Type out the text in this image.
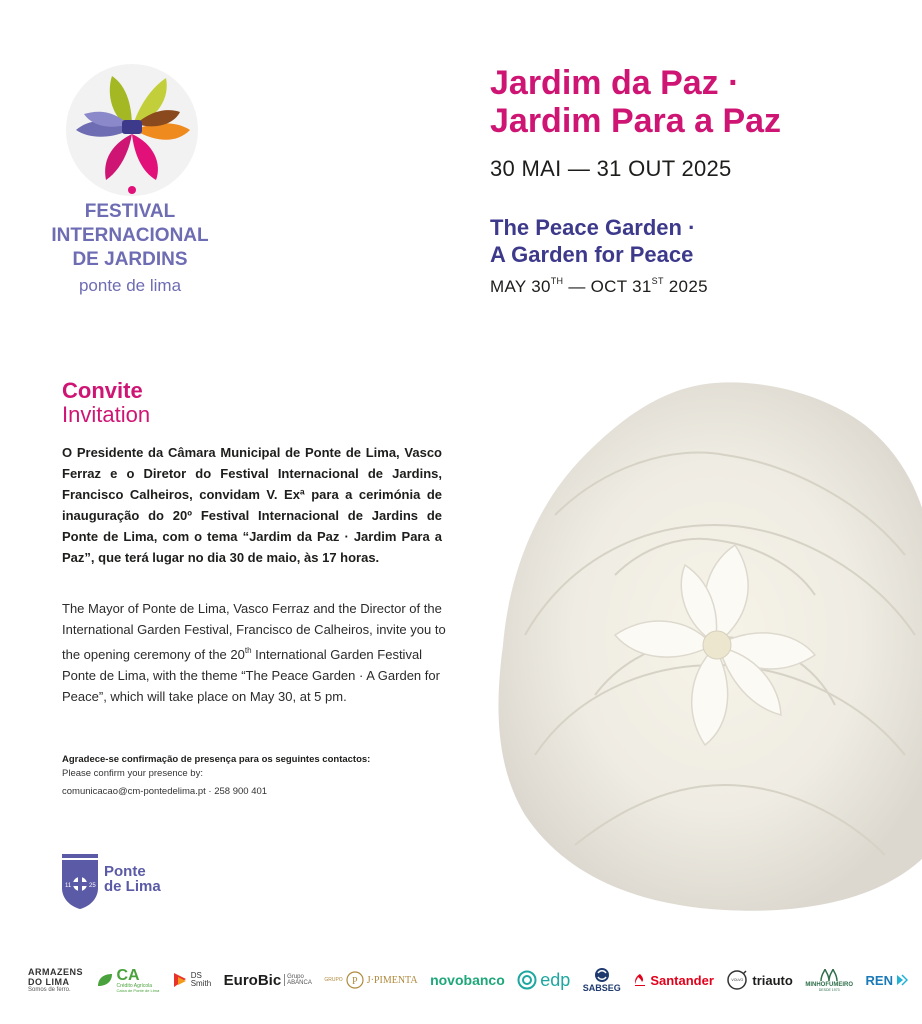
FESTIVAL
INTERNACIONAL
DE JARDINS
ponte de lima
Jardim da Paz ·
Jardim Para a Paz
30 MAI — 31 OUT 2025
The Peace Garden ·
A Garden for Peace
MAY 30TH — OCT 31ST 2025
Convite
Invitation
O Presidente da Câmara Municipal de Ponte de Lima, Vasco Ferraz e o Diretor do Festival Internacional de Jardins, Francisco Calheiros, convidam V. Exª para a cerimónia de inauguração do 20º Festival Internacional de Jardins de Ponte de Lima, com o tema “Jardim da Paz · Jardim Para a Paz”, que terá lugar no dia 30 de maio, às 17 horas.
The Mayor of Ponte de Lima, Vasco Ferraz and the Director of the International Garden Festival, Francisco de Calheiros, invite you to the opening ceremony of the 20th International Garden Festival Ponte de Lima, with the theme “The Peace Garden · A Garden for Peace”, which will take place on May 30, at 5 pm.
Agradece-se confirmação de presença para os seguintes contactos:
Please confirm your presence by:
comunicacao@cm-pontedelima.pt · 258 900 401
11	25
Ponte
de Lima
ARMAZENS
DO LIMA
Somos de ferro.
CA
Crédito Agrícola
Caixa de Ponte de Lima
DS
Smith EuroBic Grupo
ABANCA	GRUPO P J·PIMENTA novobanco edp SABSEG
Santander	VOLVO triauto MINHOFUMEIRO
DESDE 1973
REN
